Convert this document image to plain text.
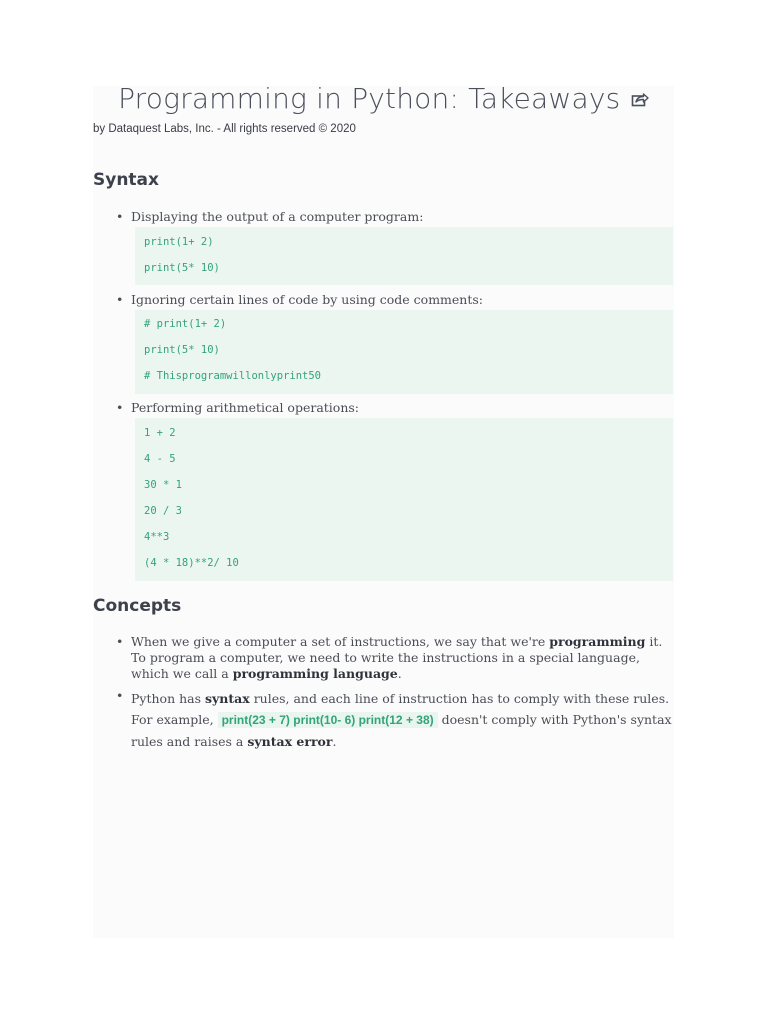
Programming in Python: Takeaways
by Dataquest Labs, Inc. - All rights reserved © 2020
Syntax
• Displaying the output of a computer program:
print(1+ 2)
print(5* 10)
• Ignoring certain lines of code by using code comments:
# print(1+ 2)
print(5* 10)
# Thisprogramwillonlyprint50
• Performing arithmetical operations:
1 + 2
4 - 5
30 * 1
20 / 3
4**3
(4 * 18)**2/ 10
Concepts
• When we give a computer a set of instructions, we say that we're programming it. To program a computer, we need to write the instructions in a special language, which we call a programming language.
• Python has syntax rules, and each line of instruction has to comply with these rules. For example, print(23 + 7) print(10- 6) print(12 + 38) doesn't comply with Python's syntax rules and raises a syntax error.
